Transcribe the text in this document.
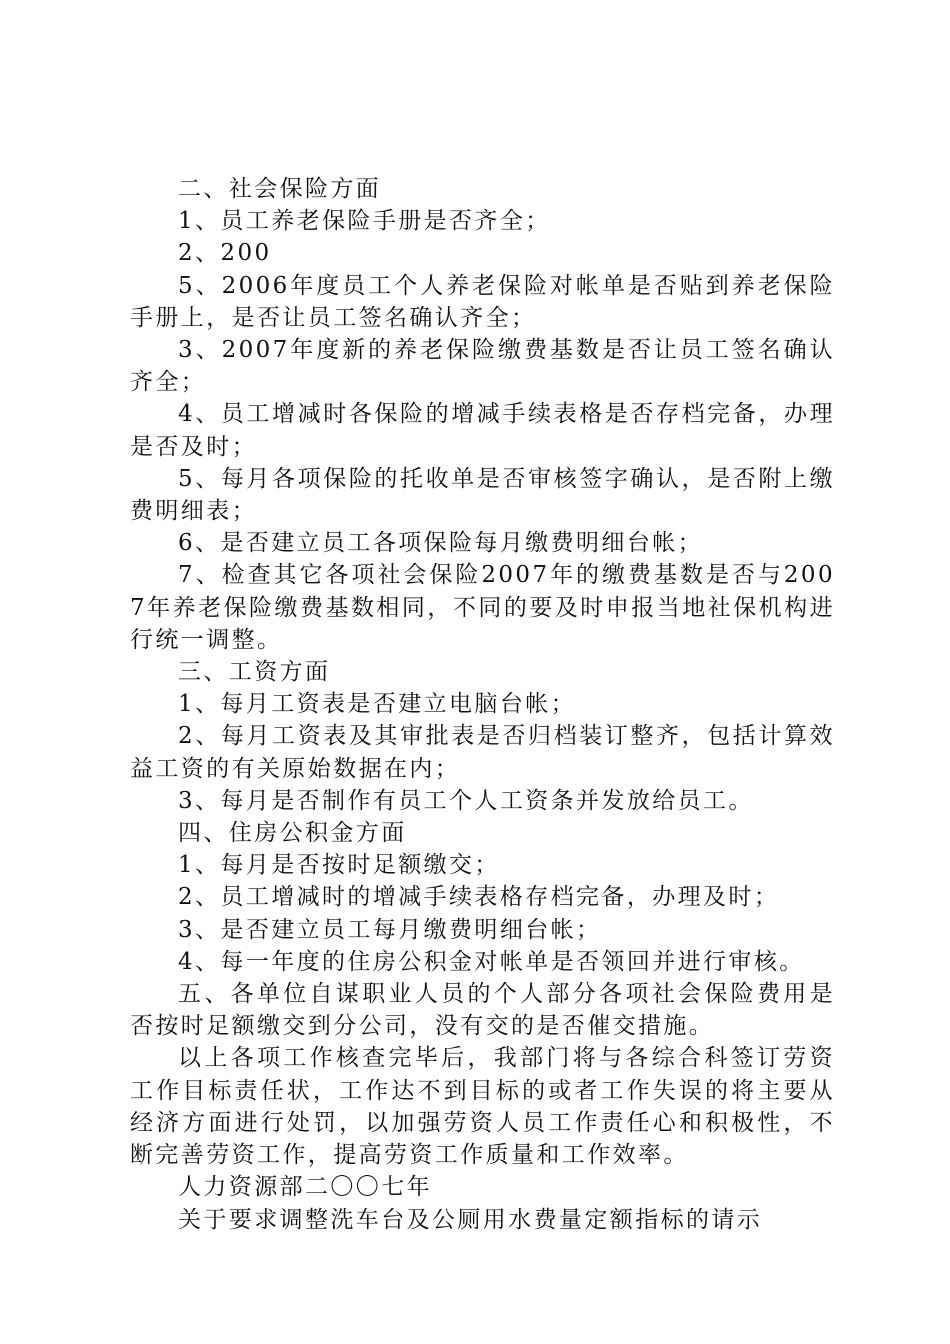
二、社会保险方面

1、员工养老保险手册是否齐全；

2、200

5、2006年度员工个人养老保险对帐单是否贴到养老保险手册上，是否让员工签名确认齐全；

3、2007年度新的养老保险缴费基数是否让员工签名确认齐全；

4、员工增减时各保险的增减手续表格是否存档完备，办理是否及时；

5、每月各项保险的托收单是否审核签字确认，是否附上缴费明细表；

6、是否建立员工各项保险每月缴费明细台帐；

7、检查其它各项社会保险2007年的缴费基数是否与2007年养老保险缴费基数相同，不同的要及时申报当地社保机构进行统一调整。

三、工资方面

1、每月工资表是否建立电脑台帐；

2、每月工资表及其审批表是否归档装订整齐，包括计算效益工资的有关原始数据在内；

3、每月是否制作有员工个人工资条并发放给员工。

四、住房公积金方面

1、每月是否按时足额缴交；

2、员工增减时的增减手续表格存档完备，办理及时；

3、是否建立员工每月缴费明细台帐；

4、每一年度的住房公积金对帐单是否领回并进行审核。

五、各单位自谋职业人员的个人部分各项社会保险费用是否按时足额缴交到分公司，没有交的是否催交措施。

以上各项工作核查完毕后，我部门将与各综合科签订劳资工作目标责任状，工作达不到目标的或者工作失误的将主要从经济方面进行处罚，以加强劳资人员工作责任心和积极性，不断完善劳资工作，提高劳资工作质量和工作效率。

人力资源部二〇〇七年

关于要求调整洗车台及公厕用水费量定额指标的请示
